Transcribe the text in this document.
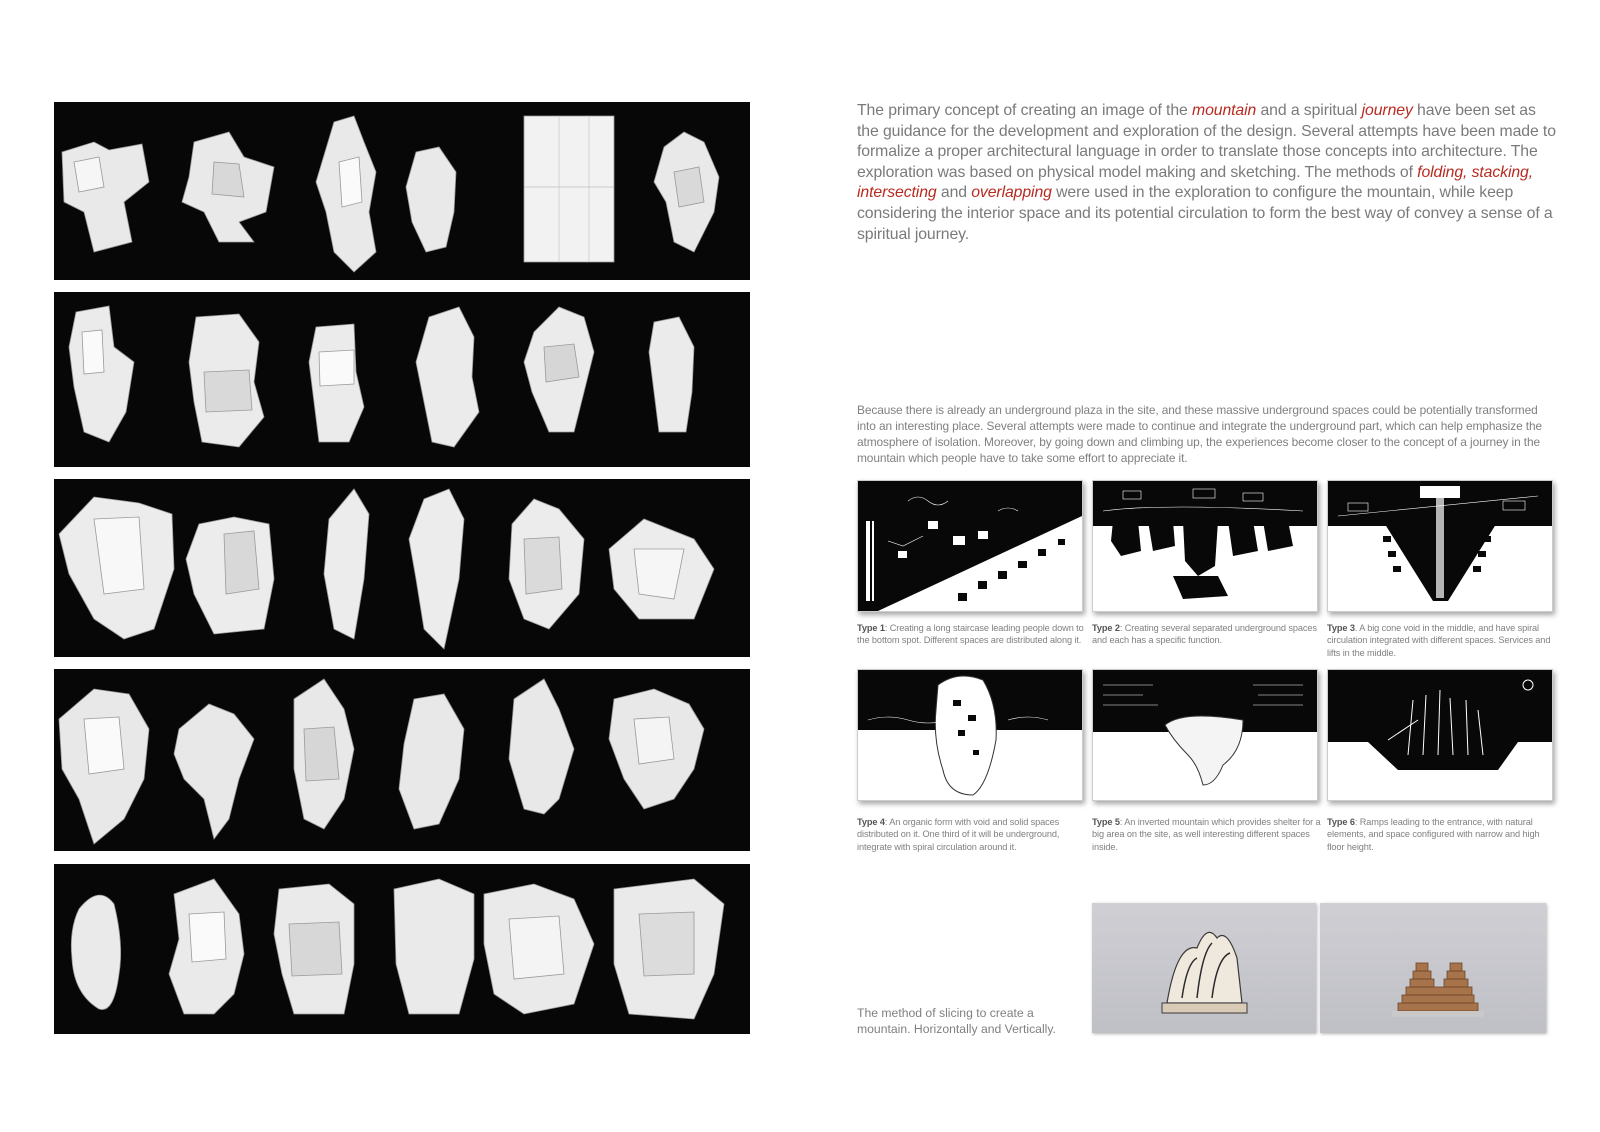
The primary concept of creating an image of the mountain and a spiritual journey have been set as the guidance for the development and exploration of the design. Several attempts have been made to formalize a proper architectural language in order to translate those concepts into architecture. The exploration was based on physical model making and sketching. The methods of folding, stacking, intersecting and overlapping were used in the exploration to configure the mountain, while keep considering the interior space and its potential circulation to form the best way of convey a sense of a spiritual journey.

Because there is already an underground plaza in the site, and these massive underground spaces could be potentially transformed into an interesting place. Several attempts were made to continue and integrate the underground part, which can help emphasize the atmosphere of isolation. Moreover, by going down and climbing up, the experiences become closer to the concept of a journey in the mountain which people have to take some effort to appreciate it.

Type 1: Creating a long staircase leading people down to the bottom spot. Different spaces are distributed along it.

Type 2: Creating several separated underground spaces and each has a specific function.

Type 3. A big cone void in the middle, and have spiral circulation integrated with different spaces. Services and lifts in the middle.

Type 4: An organic form with void and solid spaces distributed on it. One third of it will be underground, integrate with spiral circulation around it.

Type 5: An inverted mountain which provides shelter for a big area on the site, as well interesting different spaces inside.

Type 6: Ramps leading to the entrance, with natural elements, and space configured with narrow and high floor height.

The method of slicing to create a mountain. Horizontally and Vertically.
